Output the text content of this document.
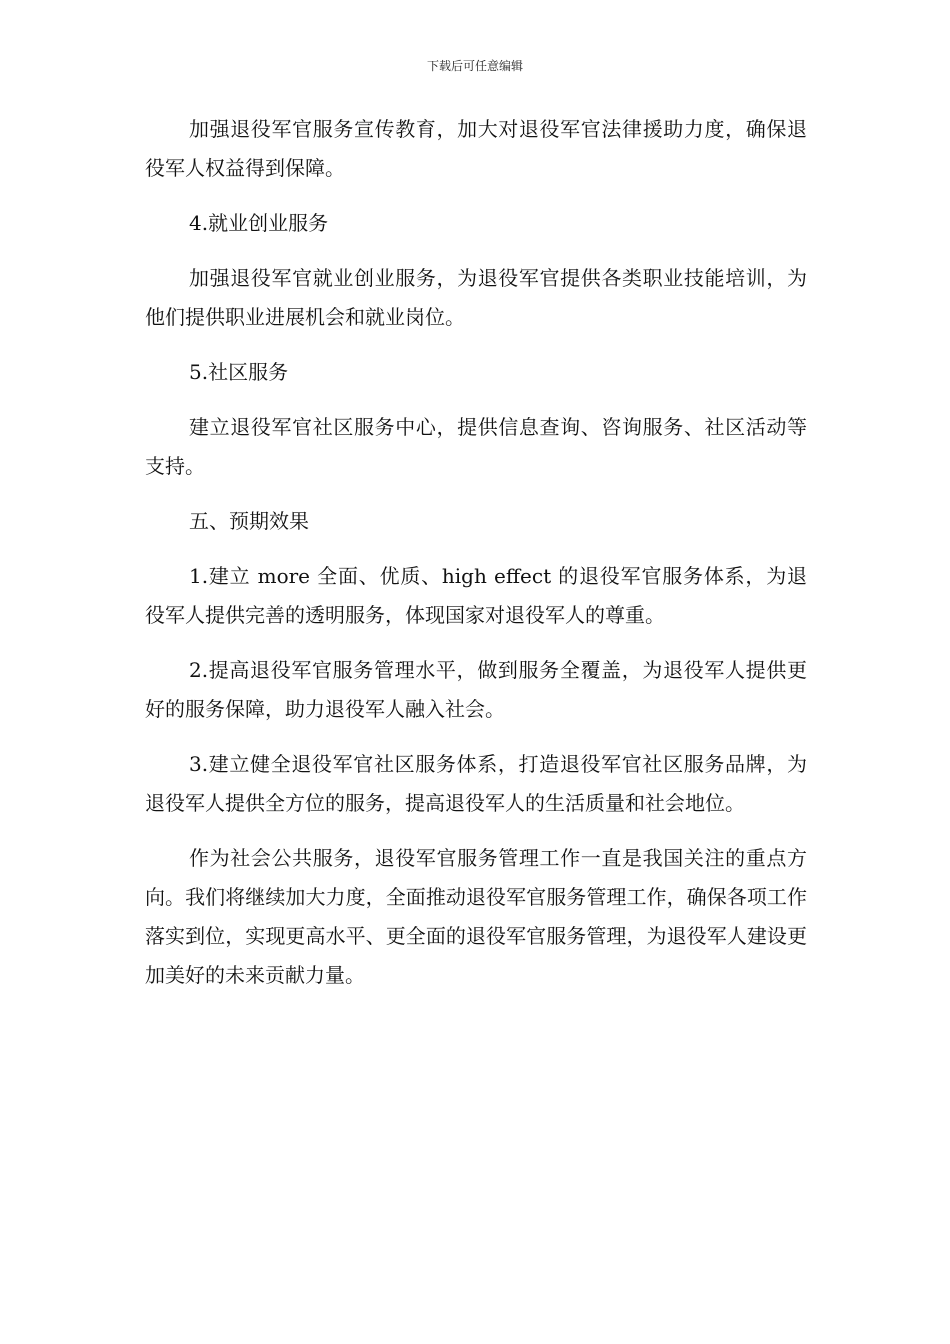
下载后可任意编辑

加强退役军官服务宣传教育，加大对退役军官法律援助力度，确保退役军人权益得到保障。

4.就业创业服务

加强退役军官就业创业服务，为退役军官提供各类职业技能培训，为他们提供职业进展机会和就业岗位。

5.社区服务

建立退役军官社区服务中心，提供信息查询、咨询服务、社区活动等支持。

五、预期效果

1.建立 more 全面、优质、high effect 的退役军官服务体系，为退役军人提供完善的透明服务，体现国家对退役军人的尊重。

2.提高退役军官服务管理水平，做到服务全覆盖，为退役军人提供更好的服务保障，助力退役军人融入社会。

3.建立健全退役军官社区服务体系，打造退役军官社区服务品牌，为退役军人提供全方位的服务，提高退役军人的生活质量和社会地位。

作为社会公共服务，退役军官服务管理工作一直是我国关注的重点方向。我们将继续加大力度，全面推动退役军官服务管理工作，确保各项工作落实到位，实现更高水平、更全面的退役军官服务管理，为退役军人建设更加美好的未来贡献力量。
